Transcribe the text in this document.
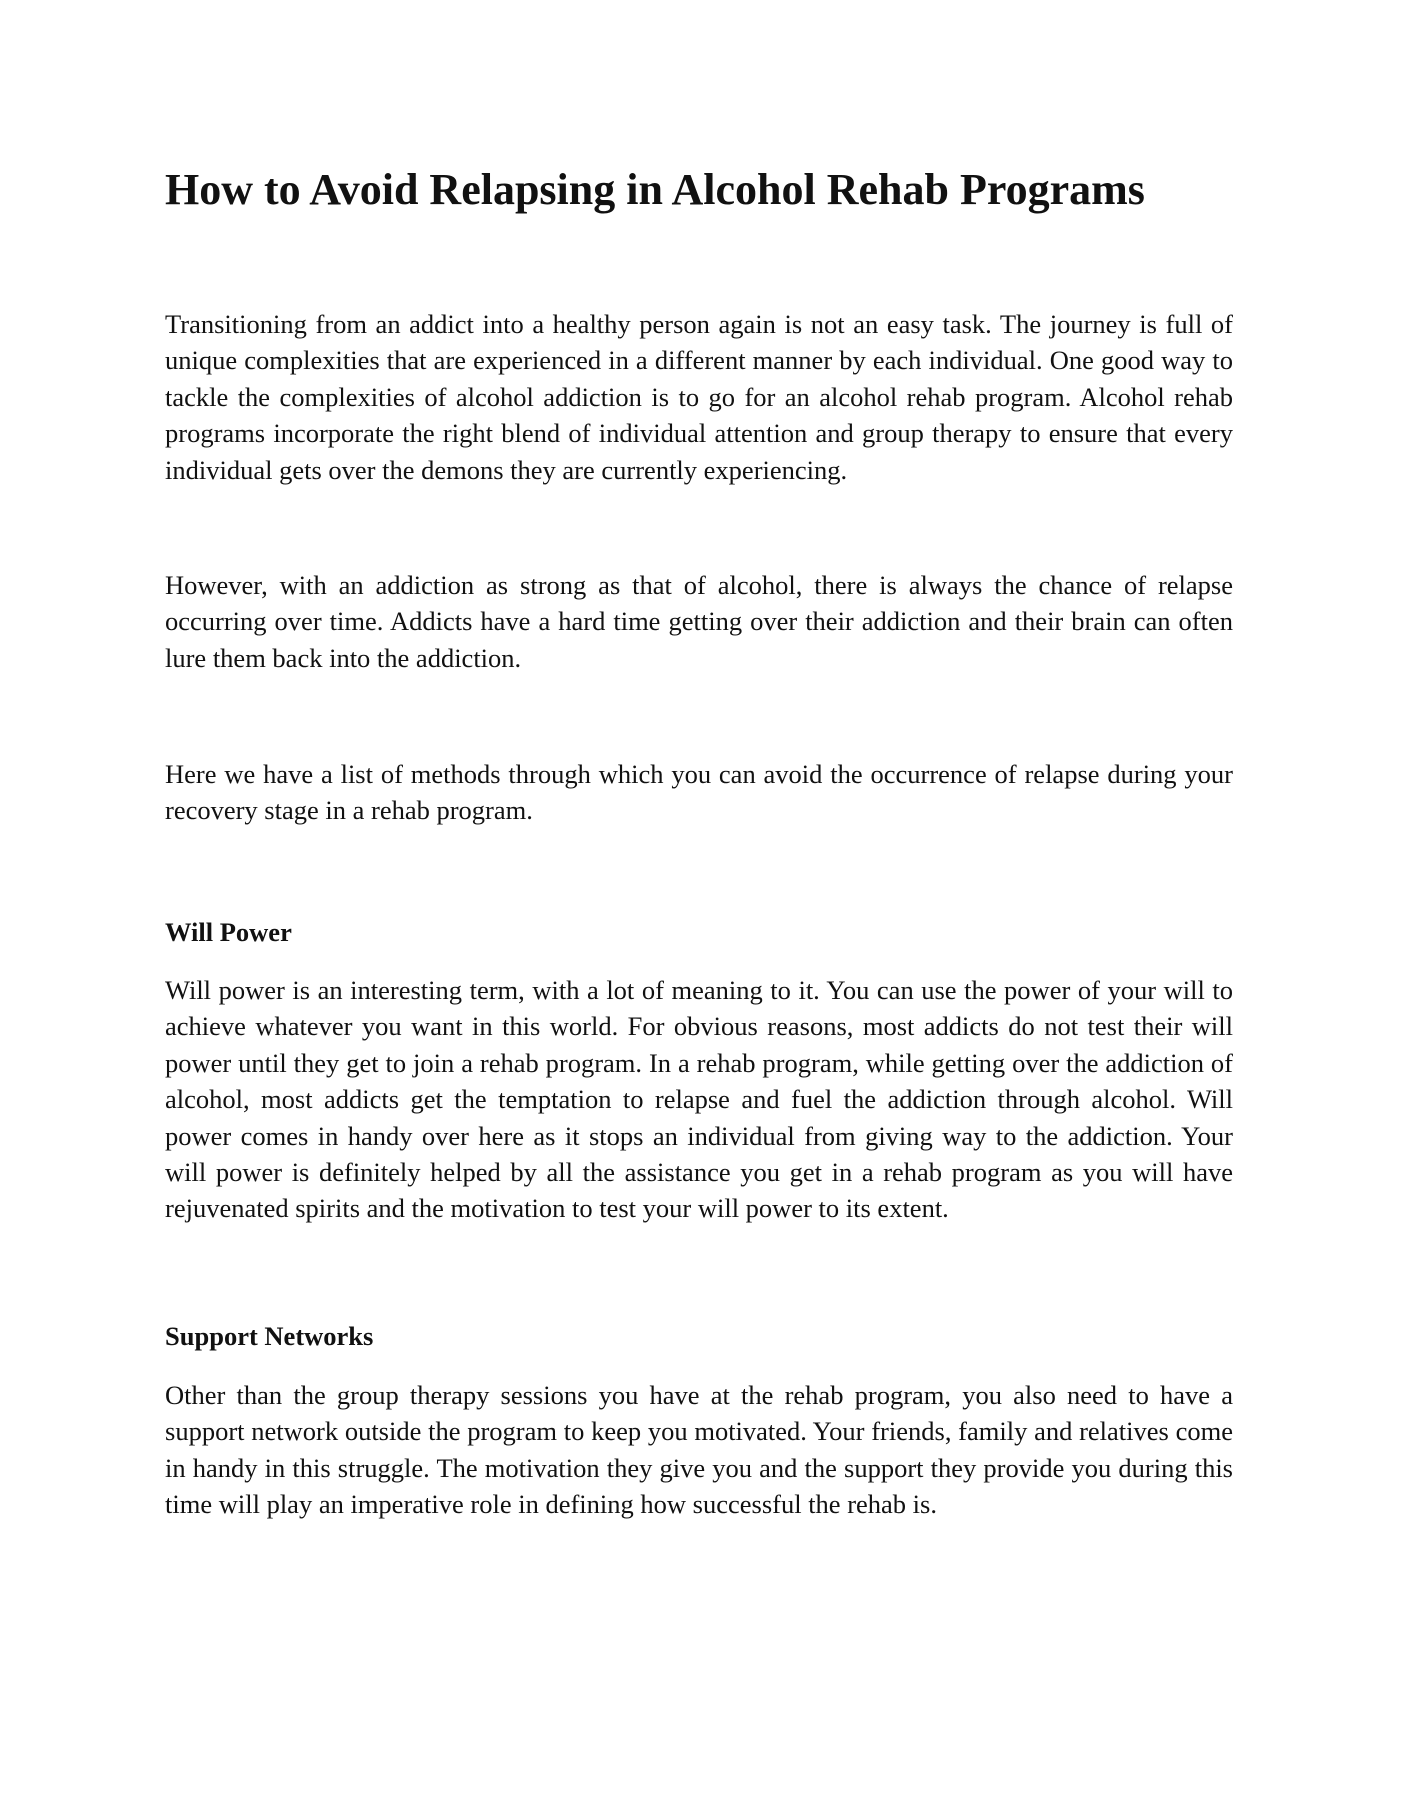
How to Avoid Relapsing in Alcohol Rehab Programs

Transitioning from an addict into a healthy person again is not an easy task. The journey is full of unique complexities that are experienced in a different manner by each individual. One good way to tackle the complexities of alcohol addiction is to go for an alcohol rehab program. Alcohol rehab programs incorporate the right blend of individual attention and group therapy to ensure that every individual gets over the demons they are currently experiencing.

However, with an addiction as strong as that of alcohol, there is always the chance of relapse occurring over time. Addicts have a hard time getting over their addiction and their brain can often lure them back into the addiction.

Here we have a list of methods through which you can avoid the occurrence of relapse during your recovery stage in a rehab program.

Will Power

Will power is an interesting term, with a lot of meaning to it. You can use the power of your will to achieve whatever you want in this world. For obvious reasons, most addicts do not test their will power until they get to join a rehab program. In a rehab program, while getting over the addiction of alcohol, most addicts get the temptation to relapse and fuel the addiction through alcohol. Will power comes in handy over here as it stops an individual from giving way to the addiction. Your will power is definitely helped by all the assistance you get in a rehab program as you will have rejuvenated spirits and the motivation to test your will power to its extent.

Support Networks

Other than the group therapy sessions you have at the rehab program, you also need to have a support network outside the program to keep you motivated. Your friends, family and relatives come in handy in this struggle. The motivation they give you and the support they provide you during this time will play an imperative role in defining how successful the rehab is.
